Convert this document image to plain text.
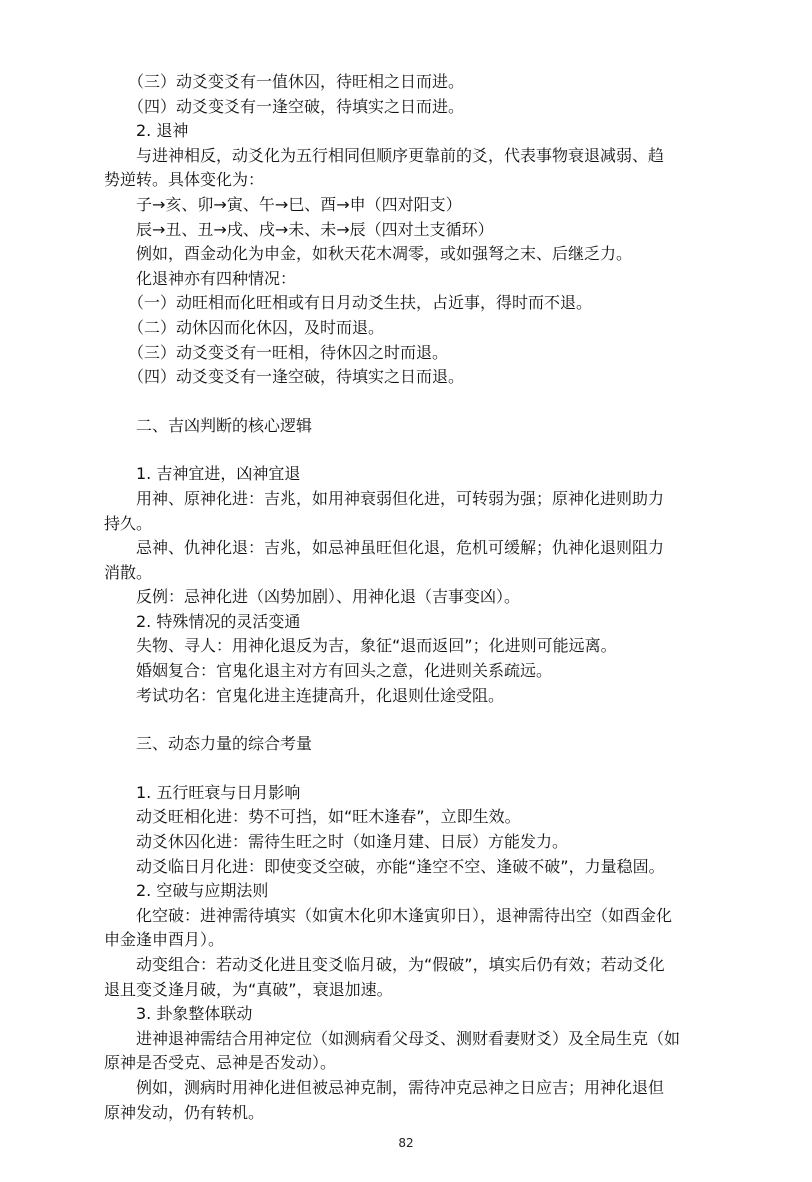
（三）动爻变爻有一值休囚，待旺相之日而进。

（四）动爻变爻有一逢空破，待填实之日而进。

2. 退神

与进神相反，动爻化为五行相同但顺序更靠前的爻，代表事物衰退减弱、趋

势逆转。具体变化为：

子→亥、卯→寅、午→巳、酉→申（四对阳支）

辰→丑、丑→戌、戌→未、未→辰（四对土支循环）

例如，酉金动化为申金，如秋天花木凋零，或如强弩之末、后继乏力。

化退神亦有四种情况：

（一）动旺相而化旺相或有日月动爻生扶，占近事，得时而不退。

（二）动休囚而化休囚，及时而退。

（三）动爻变爻有一旺相，待休囚之时而退。

（四）动爻变爻有一逢空破，待填实之日而退。

二、吉凶判断的核心逻辑

1. 吉神宜进，凶神宜退

用神、原神化进：吉兆，如用神衰弱但化进，可转弱为强；原神化进则助力

持久。

忌神、仇神化退：吉兆，如忌神虽旺但化退，危机可缓解；仇神化退则阻力

消散。

反例：忌神化进（凶势加剧）、用神化退（吉事变凶）。

2. 特殊情况的灵活变通

失物、寻人：用神化退反为吉，象征“退而返回”；化进则可能远离。

婚姻复合：官鬼化退主对方有回头之意，化进则关系疏远。

考试功名：官鬼化进主连捷高升，化退则仕途受阻。

三、动态力量的综合考量

1. 五行旺衰与日月影响

动爻旺相化进：势不可挡，如“旺木逢春”，立即生效。

动爻休囚化进：需待生旺之时（如逢月建、日辰）方能发力。

动爻临日月化进：即使变爻空破，亦能“逢空不空、逢破不破”，力量稳固。

2. 空破与应期法则

化空破：进神需待填实（如寅木化卯木逢寅卯日），退神需待出空（如酉金化

申金逢申酉月）。

动变组合：若动爻化进且变爻临月破，为“假破”，填实后仍有效；若动爻化

退且变爻逢月破，为“真破”，衰退加速。

3. 卦象整体联动

进神退神需结合用神定位（如测病看父母爻、测财看妻财爻）及全局生克（如

原神是否受克、忌神是否发动）。

例如，测病时用神化进但被忌神克制，需待冲克忌神之日应吉；用神化退但

原神发动，仍有转机。

82
